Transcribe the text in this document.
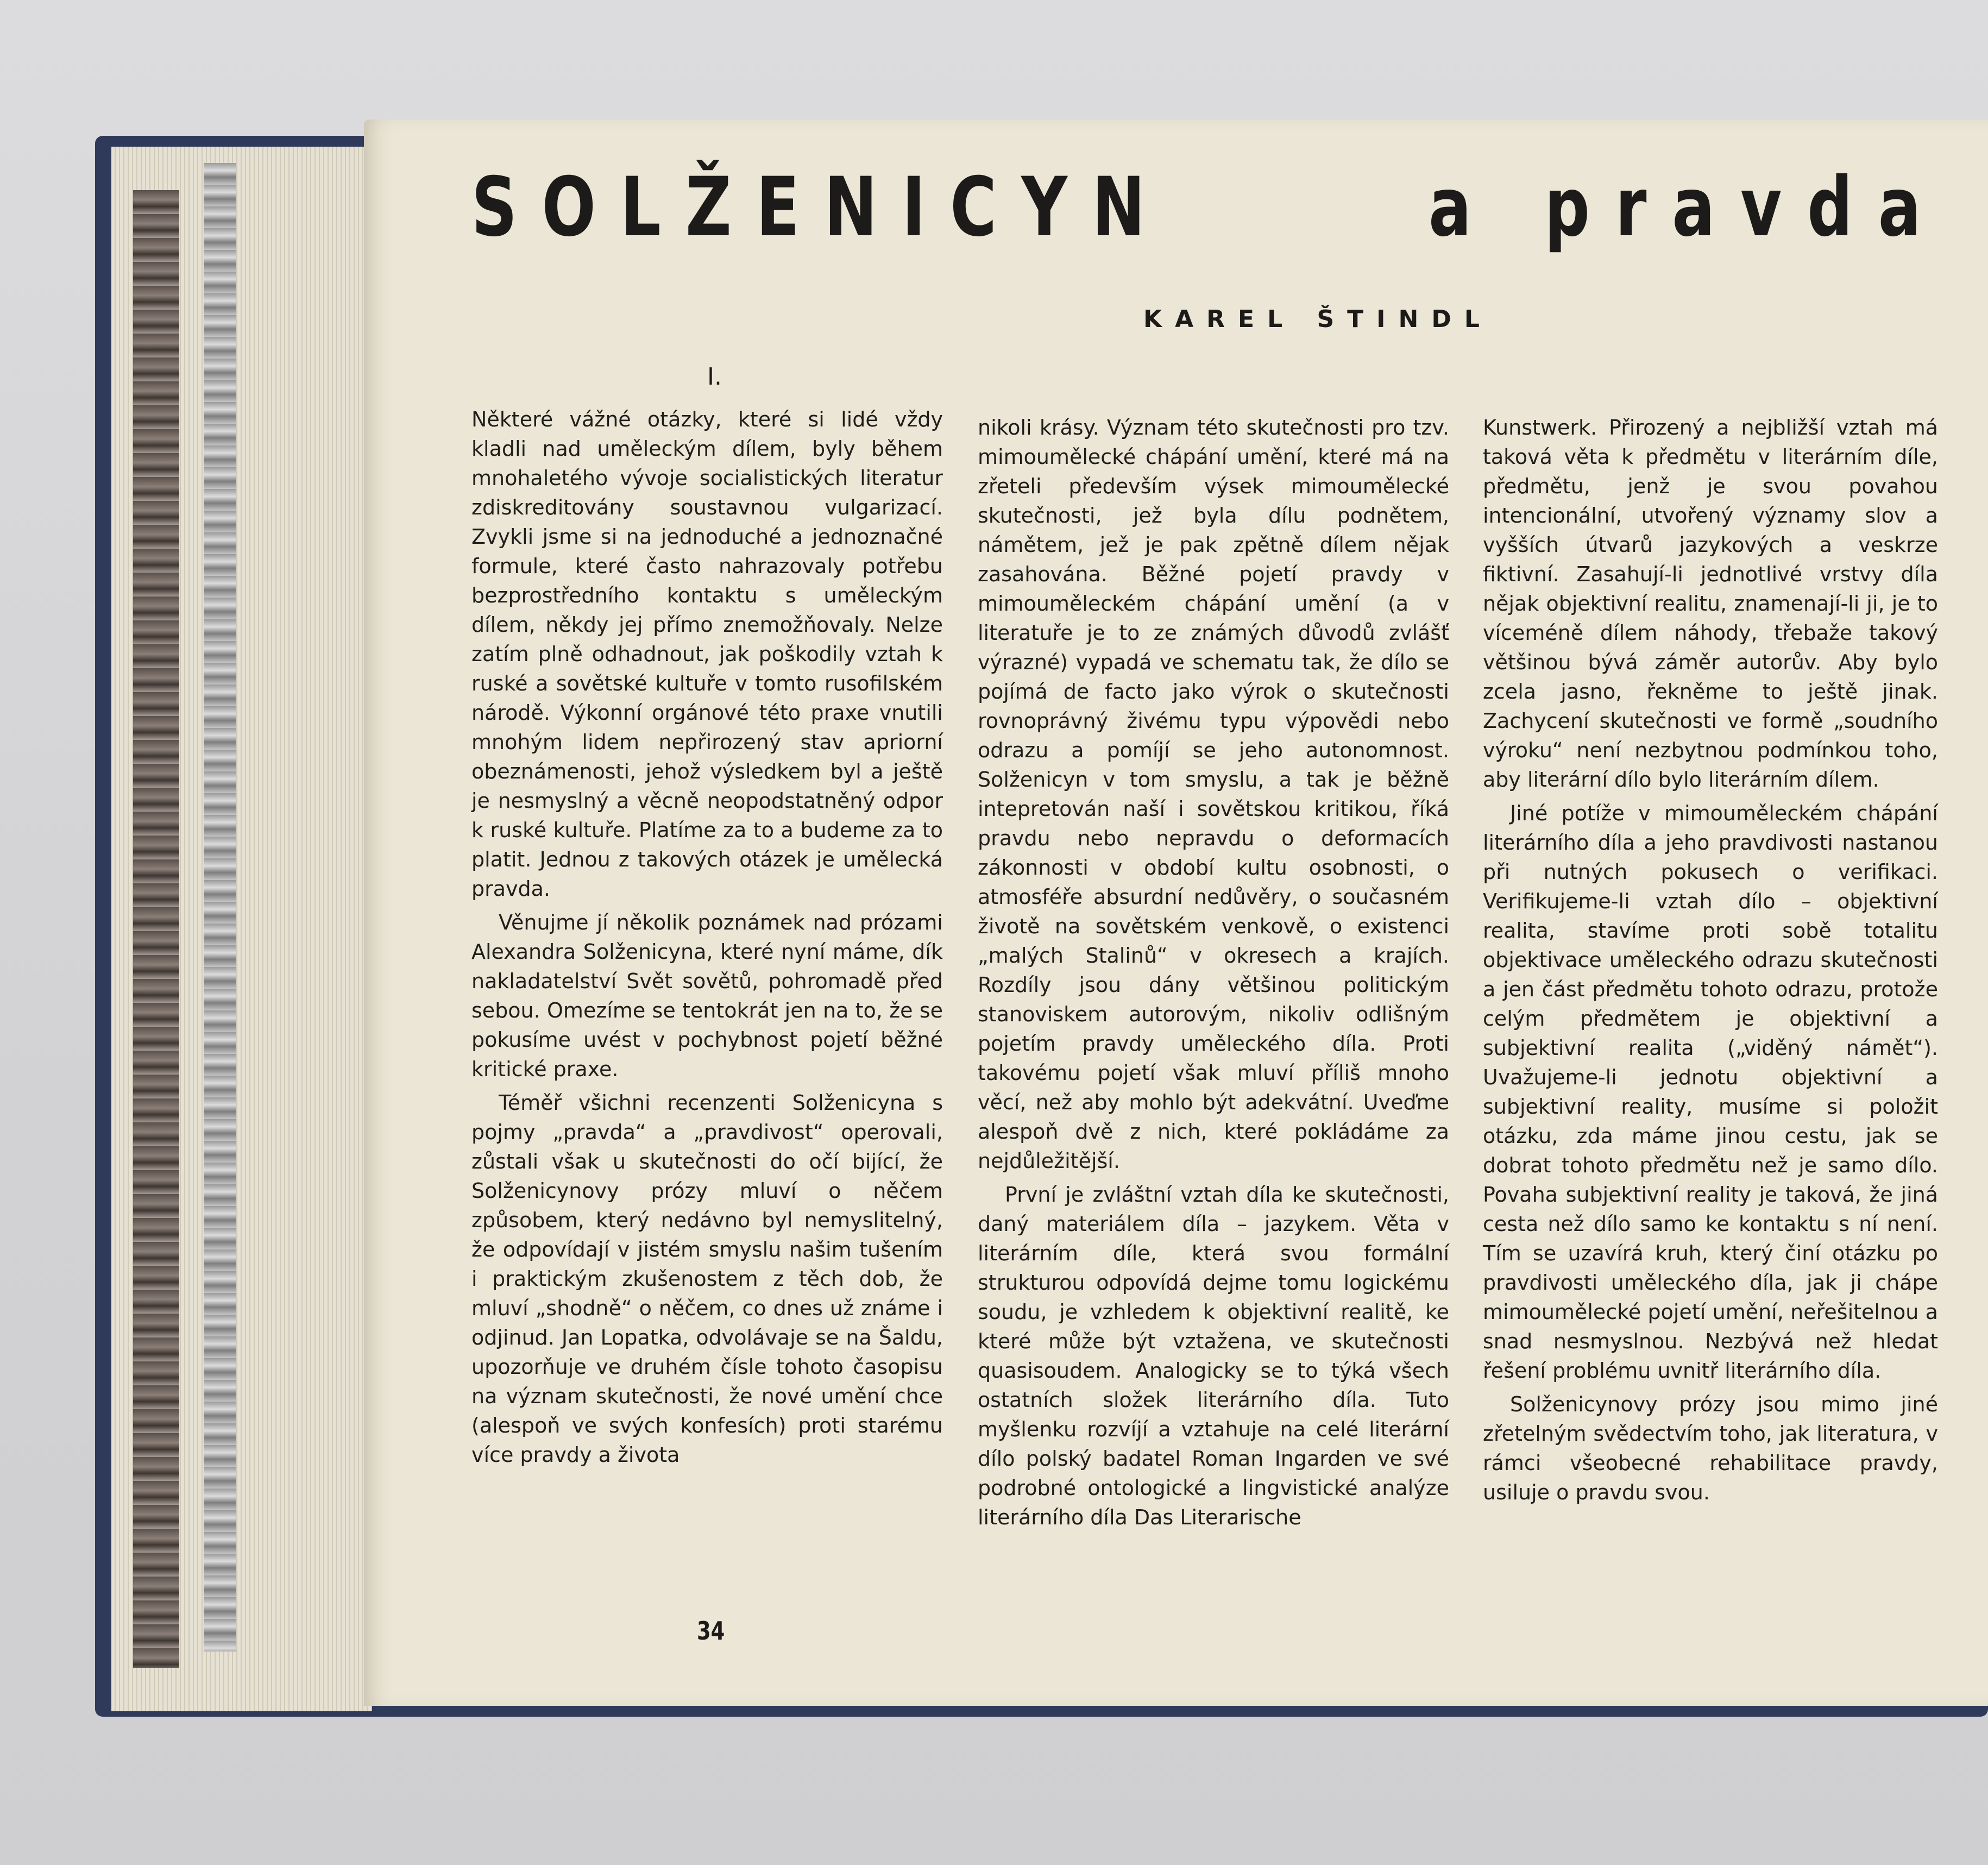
SOLŽENICYN	a pravda
KAREL ŠTINDL
I.

Některé vážné otázky, které si lidé vždy kladli nad uměleckým dílem, byly během mnohaletého vývoje socialistických literatur zdiskreditovány soustavnou vulgarizací. Zvykli jsme si na jednoduché a jednoznačné formule, které často nahrazovaly potřebu bezprostředního kontaktu s uměleckým dílem, někdy jej přímo znemožňovaly. Nelze zatím plně odhadnout, jak poškodily vztah k ruské a sovětské kultuře v tomto rusofilském národě. Výkonní orgánové této praxe vnutili mnohým lidem nepřirozený stav apriorní obeznámenosti, jehož výsledkem byl a ještě je nesmyslný a věcně neopodstatněný odpor k ruské kultuře. Platíme za to a budeme za to platit. Jednou z takových otázek je umělecká pravda.

Věnujme jí několik poznámek nad prózami Alexandra Solženicyna, které nyní máme, dík nakladatelství Svět sovětů, pohromadě před sebou. Omezíme se tentokrát jen na to, že se pokusíme uvést v pochybnost pojetí běžné kritické praxe.

Téměř všichni recenzenti Solženicyna s pojmy „pravda“ a „pravdivost“ operovali, zůstali však u skutečnosti do očí bijící, že Solženicynovy prózy mluví o něčem způsobem, který nedávno byl nemyslitelný, že odpovídají v jistém smyslu našim tušením i praktickým zkušenostem z těch dob, že mluví „shodně“ o něčem, co dnes už známe i odjinud. Jan Lopatka, odvolávaje se na Šaldu, upozorňuje ve druhém čísle tohoto časopisu na význam skutečnosti, že nové umění chce (alespoň ve svých konfesích) proti starému více pravdy a života

nikoli krásy. Význam této skutečnosti pro tzv. mimoumělecké chápání umění, které má na zřeteli především výsek mimoumělecké skutečnosti, jež byla dílu podnětem, námětem, jež je pak zpětně dílem nějak zasahována. Běžné pojetí pravdy v mimouměleckém chápání umění (a v literatuře je to ze známých důvodů zvlášť výrazné) vypadá ve schematu tak, že dílo se pojímá de facto jako výrok o skutečnosti rovnoprávný živému typu výpovědi nebo odrazu a pomíjí se jeho autonomnost. Solženicyn v tom smyslu, a tak je běžně intepretován naší i sovětskou kritikou, říká pravdu nebo nepravdu o deformacích zákonnosti v období kultu osobnosti, o atmosféře absurdní nedůvěry, o současném životě na sovětském venkově, o existenci „malých Stalinů“ v okresech a krajích. Rozdíly jsou dány většinou politickým stanoviskem autorovým, nikoliv odlišným pojetím pravdy uměleckého díla. Proti takovému pojetí však mluví příliš mnoho věcí, než aby mohlo být adekvátní. Uveďme alespoň dvě z nich, které pokládáme za nejdůležitější.

První je zvláštní vztah díla ke skutečnosti, daný materiálem díla – jazykem. Věta v literárním díle, která svou formální strukturou odpovídá dejme tomu logickému soudu, je vzhledem k objektivní realitě, ke které může být vztažena, ve skutečnosti quasisoudem. Analogicky se to týká všech ostatních složek literárního díla. Tuto myšlenku rozvíjí a vztahuje na celé literární dílo polský badatel Roman Ingarden ve své podrobné ontologické a lingvistické analýze literárního díla Das Literarische

Kunstwerk. Přirozený a nejbližší vztah má taková věta k předmětu v literárním díle, předmětu, jenž je svou povahou intencionální, utvořený významy slov a vyšších útvarů jazykových a veskrze fiktivní. Zasahují-li jednotlivé vrstvy díla nějak objektivní realitu, znamenají-li ji, je to víceméně dílem náhody, třebaže takový většinou bývá záměr autorův. Aby bylo zcela jasno, řekněme to ještě jinak. Zachycení skutečnosti ve formě „soudního výroku“ není nezbytnou podmínkou toho, aby literární dílo bylo literárním dílem.

Jiné potíže v mimouměleckém chápání literárního díla a jeho pravdivosti nastanou při nutných pokusech o verifikaci. Verifikujeme-li vztah dílo – objektivní realita, stavíme proti sobě totalitu objektivace uměleckého odrazu skutečnosti a jen část předmětu tohoto odrazu, protože celým předmětem je objektivní a subjektivní realita („viděný námět“). Uvažujeme-li jednotu objektivní a subjektivní reality, musíme si položit otázku, zda máme jinou cestu, jak se dobrat tohoto předmětu než je samo dílo. Povaha subjektivní reality je taková, že jiná cesta než dílo samo ke kontaktu s ní není. Tím se uzavírá kruh, který činí otázku po pravdivosti uměleckého díla, jak ji chápe mimoumělecké pojetí umění, neřešitelnou a snad nesmyslnou. Nezbývá než hledat řešení problému uvnitř literárního díla.

Solženicynovy prózy jsou mimo jiné zřetelným svědectvím toho, jak literatura, v rámci všeobecné rehabilitace pravdy, usiluje o pravdu svou.

34
